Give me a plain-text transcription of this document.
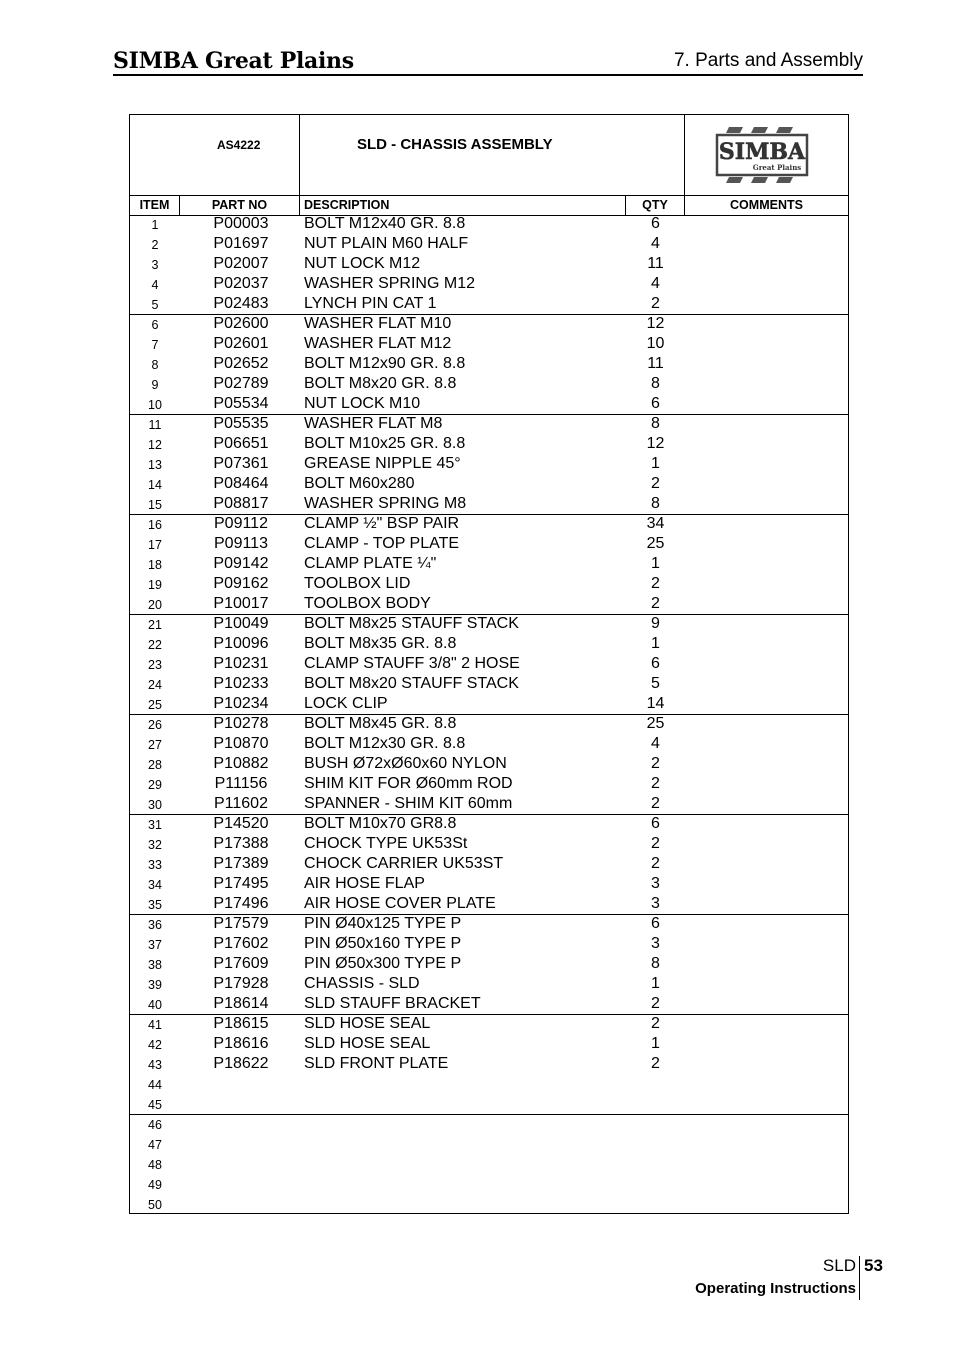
SIMBA Great Plains	7. Parts and Assembly
AS4222	SLD - CHASSIS ASSEMBLY	SIMBA
Great Plains
ITEM	PART NO	DESCRIPTION	QTY	COMMENTS
1	P00003	BOLT M12x40 GR. 8.8	6
2	P01697	NUT PLAIN M60 HALF	4
3	P02007	NUT LOCK M12	11
4	P02037	WASHER SPRING M12	4
5	P02483	LYNCH PIN CAT 1	2
6	P02600	WASHER FLAT M10	12
7	P02601	WASHER FLAT M12	10
8	P02652	BOLT M12x90 GR. 8.8	11
9	P02789	BOLT M8x20 GR. 8.8	8
10	P05534	NUT LOCK M10	6
11	P05535	WASHER FLAT M8	8
12	P06651	BOLT M10x25 GR. 8.8	12
13	P07361	GREASE NIPPLE 45°	1
14	P08464	BOLT M60x280	2
15	P08817	WASHER SPRING M8	8
16	P09112	CLAMP ½" BSP PAIR	34
17	P09113	CLAMP - TOP PLATE	25
18	P09142	CLAMP PLATE ¼"	1
19	P09162	TOOLBOX LID	2
20	P10017	TOOLBOX BODY	2
21	P10049	BOLT M8x25 STAUFF STACK	9
22	P10096	BOLT M8x35 GR. 8.8	1
23	P10231	CLAMP STAUFF 3/8" 2 HOSE	6
24	P10233	BOLT M8x20 STAUFF STACK	5
25	P10234	LOCK CLIP	14
26	P10278	BOLT M8x45 GR. 8.8	25
27	P10870	BOLT M12x30 GR. 8.8	4
28	P10882	BUSH Ø72xØ60x60 NYLON	2
29	P11156	SHIM KIT FOR Ø60mm ROD	2
30	P11602	SPANNER - SHIM KIT 60mm	2
31	P14520	BOLT M10x70 GR8.8	6
32	P17388	CHOCK TYPE UK53St	2
33	P17389	CHOCK CARRIER UK53ST	2
34	P17495	AIR HOSE FLAP	3
35	P17496	AIR HOSE COVER PLATE	3
36	P17579	PIN Ø40x125 TYPE P	6
37	P17602	PIN Ø50x160 TYPE P	3
38	P17609	PIN Ø50x300 TYPE P	8
39	P17928	CHASSIS - SLD	1
40	P18614	SLD STAUFF BRACKET	2
41	P18615	SLD HOSE SEAL	2
42	P18616	SLD HOSE SEAL	1
43	P18622	SLD FRONT PLATE	2
44
45
46
47
48
49
50
SLD 53
Operating Instructions
